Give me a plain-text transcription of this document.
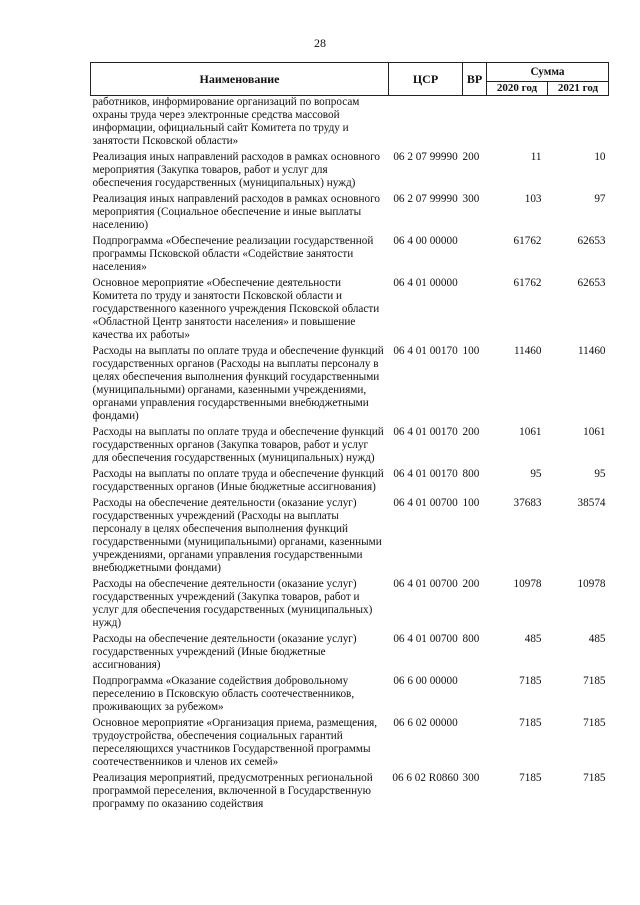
28
Наименование	ЦСР	ВР	Сумма	
			2020 год	2021 год
работников, информирование организаций по вопросам охраны труда через электронные средства массовой информации, официальный сайт Комитета по труду и занятости Псковской области»				
Реализация иных направлений расходов в рамках основного мероприятия (Закупка товаров, работ и услуг для обеспечения государственных (муниципальных) нужд)	06 2 07 99990	200	11	10
Реализация иных направлений расходов в рамках основного мероприятия (Социальное обеспечение и иные выплаты населению)	06 2 07 99990	300	103	97
Подпрограмма «Обеспечение реализации государственной программы Псковской области «Содействие занятости населения»	06 4 00 00000		61762	62653
Основное мероприятие «Обеспечение деятельности Комитета по труду и занятости Псковской области и государственного казенного учреждения Псковской области «Областной Центр занятости населения» и повышение качества их работы»	06 4 01 00000		61762	62653
Расходы на выплаты по оплате труда и обеспечение функций государственных органов (Расходы на выплаты персоналу в целях обеспечения выполнения функций государственными (муниципальными) органами, казенными учреждениями, органами управления государственными внебюджетными фондами)	06 4 01 00170	100	11460	11460
Расходы на выплаты по оплате труда и обеспечение функций государственных органов (Закупка товаров, работ и услуг для обеспечения государственных (муниципальных) нужд)	06 4 01 00170	200	1061	1061
Расходы на выплаты по оплате труда и обеспечение функций государственных органов (Иные бюджетные ассигнования)	06 4 01 00170	800	95	95
Расходы на обеспечение деятельности (оказание услуг) государственных учреждений (Расходы на выплаты персоналу в целях обеспечения выполнения функций государственными (муниципальными) органами, казенными учреждениями, органами управления государственными внебюджетными фондами)	06 4 01 00700	100	37683	38574
Расходы на обеспечение деятельности (оказание услуг) государственных учреждений (Закупка товаров, работ и услуг для обеспечения государственных (муниципальных) нужд)	06 4 01 00700	200	10978	10978
Расходы на обеспечение деятельности (оказание услуг) государственных учреждений (Иные бюджетные ассигнования)	06 4 01 00700	800	485	485
Подпрограмма «Оказание содействия добровольному переселению в Псковскую область соотечественников, проживающих за рубежом»	06 6 00 00000		7185	7185
Основное мероприятие «Организация приема, размещения, трудоустройства, обеспечения социальных гарантий переселяющихся участников Государственной программы соотечественников и членов их семей»	06 6 02 00000		7185	7185
Реализация мероприятий, предусмотренных региональной программой переселения, включенной в Государственную программу по оказанию содействия	06 6 02 R0860	300	7185	7185
